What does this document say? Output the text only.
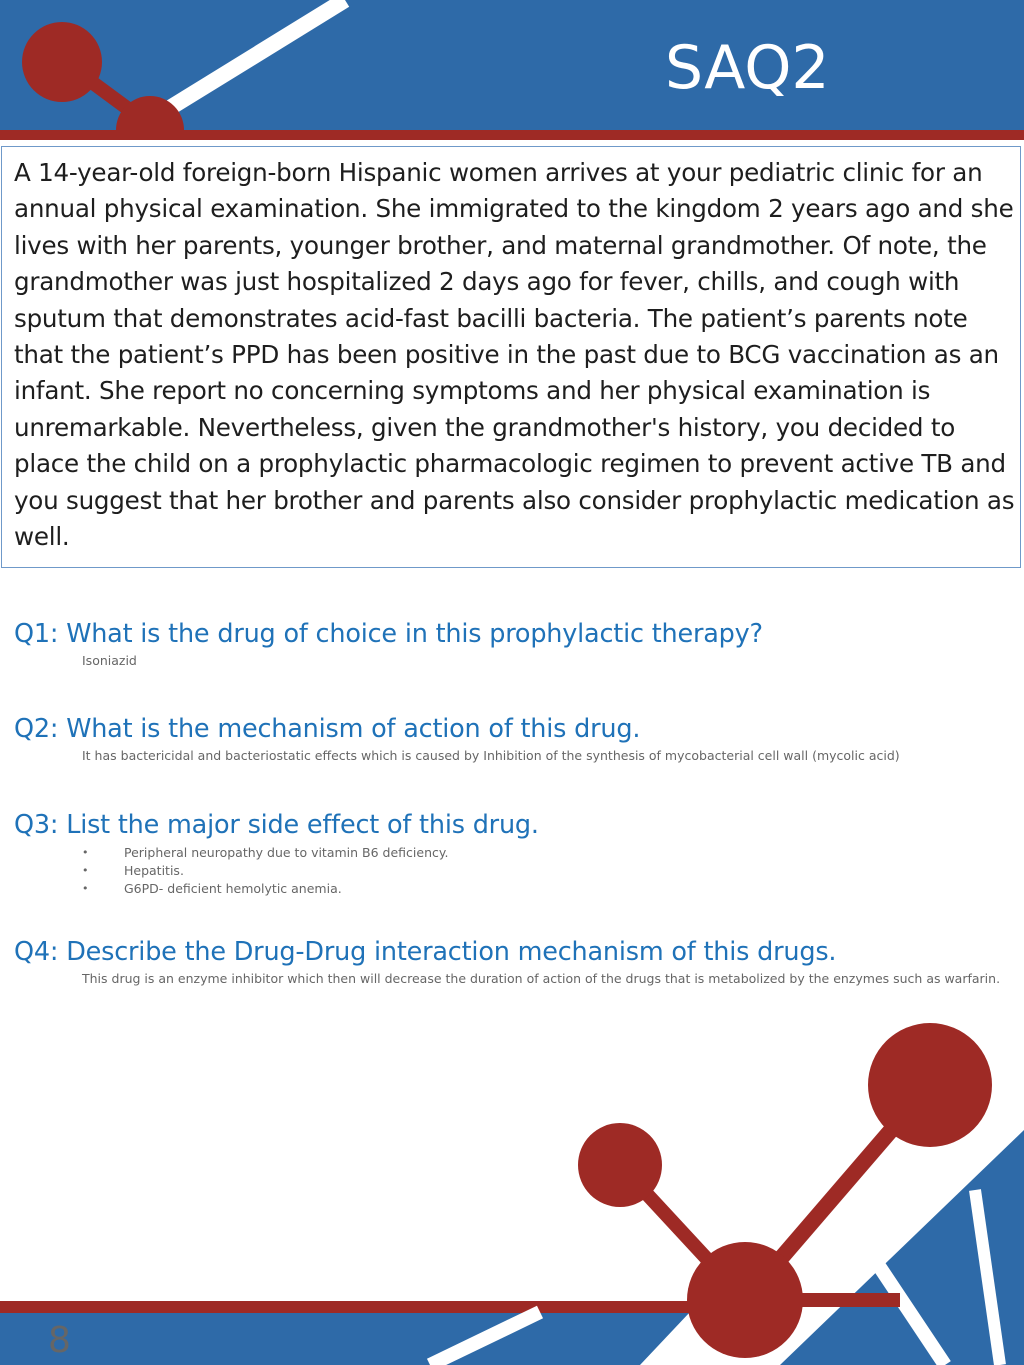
SAQ2

A 14-year-old foreign-born Hispanic women arrives at your pediatric clinic for an annual physical examination. She immigrated to the kingdom 2 years ago and she lives with her parents, younger brother, and maternal grandmother. Of note, the grandmother was just hospitalized 2 days ago for fever, chills, and cough with sputum that demonstrates acid-fast bacilli bacteria. The patient’s parents note that the patient’s PPD has been positive in the past due to BCG vaccination as an infant. She report no concerning symptoms and her physical examination is unremarkable. Nevertheless, given the grandmother's history, you decided to place the child on a prophylactic pharmacologic regimen to prevent active TB and you suggest that her brother and parents also consider prophylactic medication as well.

Q1: What is the drug of choice in this prophylactic therapy?

Isoniazid

Q2: What is the mechanism of action of this drug.

It has bactericidal and bacteriostatic effects which is caused by Inhibition of the synthesis of mycobacterial cell wall (mycolic acid)

Q3: List the major side effect of this drug.

•	Peripheral neuropathy due to vitamin B6 deficiency.
•	Hepatitis.
•	G6PD- deficient hemolytic anemia.

Q4: Describe the Drug-Drug interaction mechanism of this drugs.

This drug is an enzyme inhibitor which then will decrease the duration of action of the drugs that is metabolized by the enzymes such as warfarin.

8
